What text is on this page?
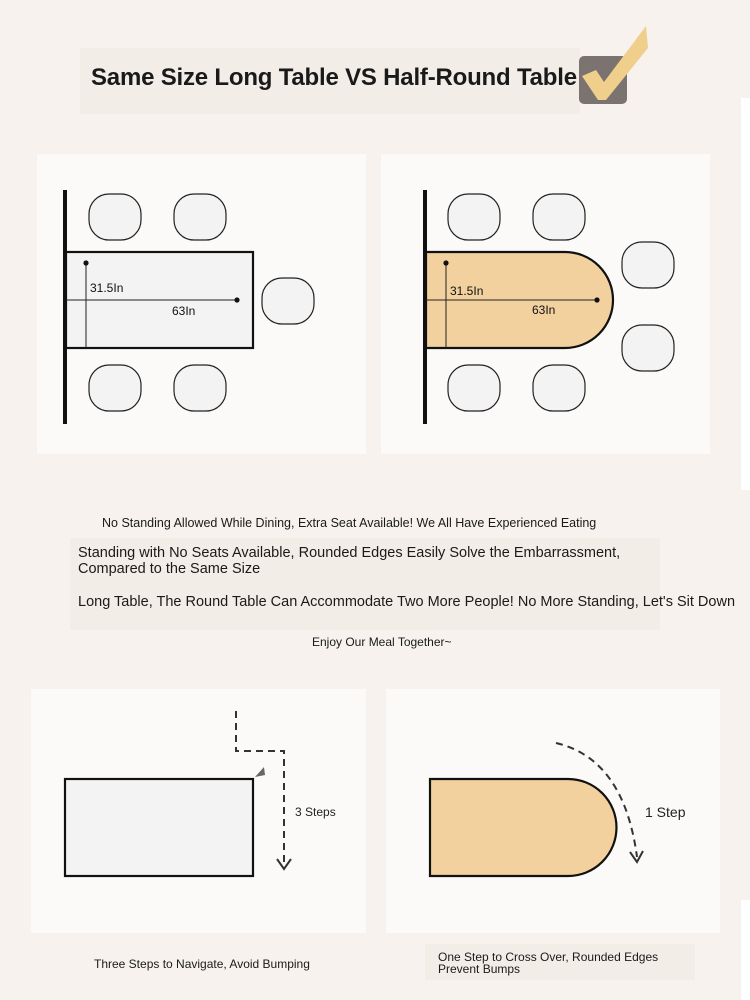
Same Size Long Table VS Half-Round Table
31.5In
63In
31.5In
63In
No Standing Allowed While Dining, Extra Seat Available! We All Have Experienced Eating
Standing with No Seats Available, Rounded Edges Easily Solve the Embarrassment, Compared to the Same Size
Long Table, The Round Table Can Accommodate Two More People! No More Standing, Let's Sit Down
Enjoy Our Meal Together~
3 Steps	1 Step
Three Steps to Navigate, Avoid Bumping	One Step to Cross Over, Rounded Edges Prevent Bumps
